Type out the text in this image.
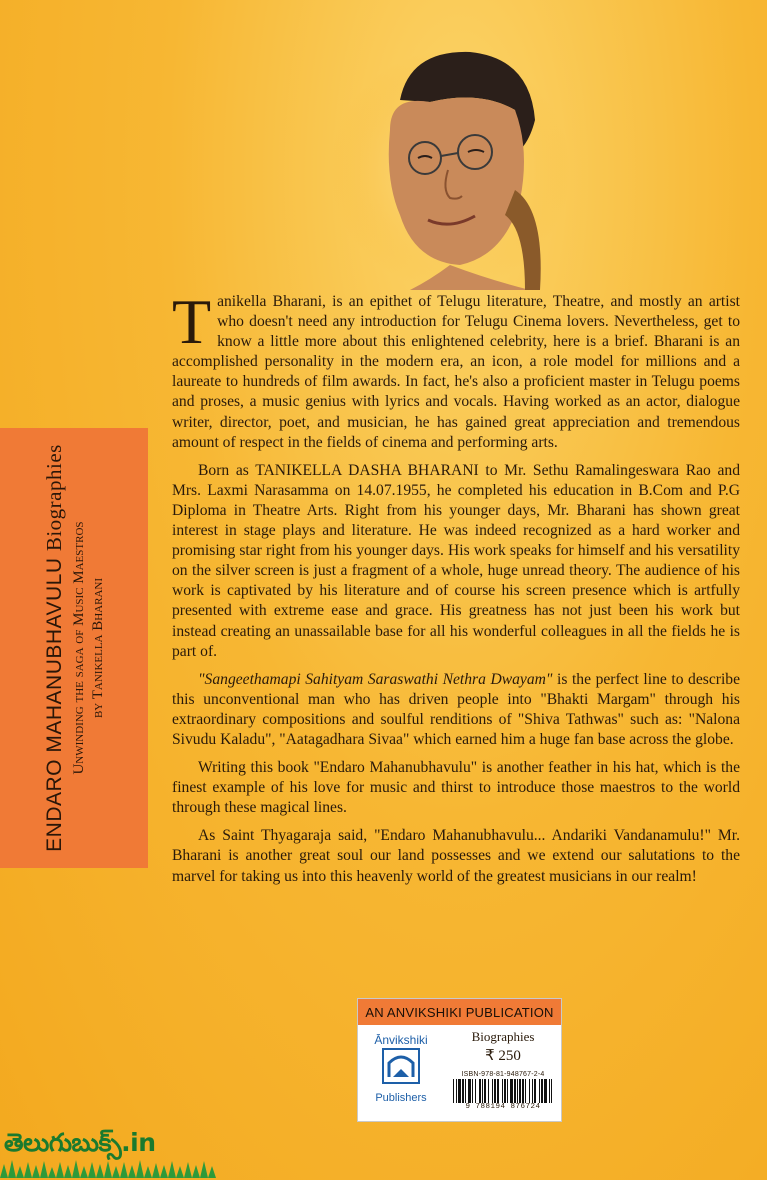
Tanikella Bharani, is an epithet of Telugu literature, Theatre, and mostly an artist who doesn't need any introduction for Telugu Cinema lovers. Nevertheless, get to know a little more about this enlightened celebrity, here is a brief. Bharani is an accomplished personality in the modern era, an icon, a role model for millions and a laureate to hundreds of film awards. In fact, he's also a proficient master in Telugu poems and proses, a music genius with lyrics and vocals. Having worked as an actor, dialogue writer, director, poet, and musician, he has gained great appreciation and tremendous amount of respect in the fields of cinema and performing arts.

Born as TANIKELLA DASHA BHARANI to Mr. Sethu Ramalingeswara Rao and Mrs. Laxmi Narasamma on 14.07.1955, he completed his education in B.Com and P.G Diploma in Theatre Arts. Right from his younger days, Mr. Bharani has shown great interest in stage plays and literature. He was indeed recognized as a hard worker and promising star right from his younger days. His work speaks for himself and his versatility on the silver screen is just a fragment of a whole, huge unread theory. The audience of his work is captivated by his literature and of course his screen presence which is artfully presented with extreme ease and grace. His greatness has not just been his work but instead creating an unassailable base for all his wonderful colleagues in all the fields he is part of.

"Sangeethamapi Sahityam Saraswathi Nethra Dwayam" is the perfect line to describe this unconventional man who has driven people into "Bhakti Margam" through his extraordinary compositions and soulful renditions of "Shiva Tathwas" such as: "Nalona Sivudu Kaladu", "Aatagadhara Sivaa" which earned him a huge fan base across the globe.

Writing this book "Endaro Mahanubhavulu" is another feather in his hat, which is the finest example of his love for music and thirst to introduce those maestros to the world through these magical lines.

As Saint Thyagaraja said, "Endaro Mahanubhavulu... Andariki Vandanamulu!" Mr. Bharani is another great soul our land possesses and we extend our salutations to the marvel for taking us into this heavenly world of the greatest musicians in our realm!

ENDARO MAHANUBHAVULU Biographies
Unwinding the saga of Music Maestros by Tanikella Bharani
AN ANVIKSHIKI PUBLICATION
Ānvikshiki
Publishers
Biographies
₹ 250
ISBN-978-81-948767-2-4
9 788194 876724
తెలుగుబుక్స్.in
